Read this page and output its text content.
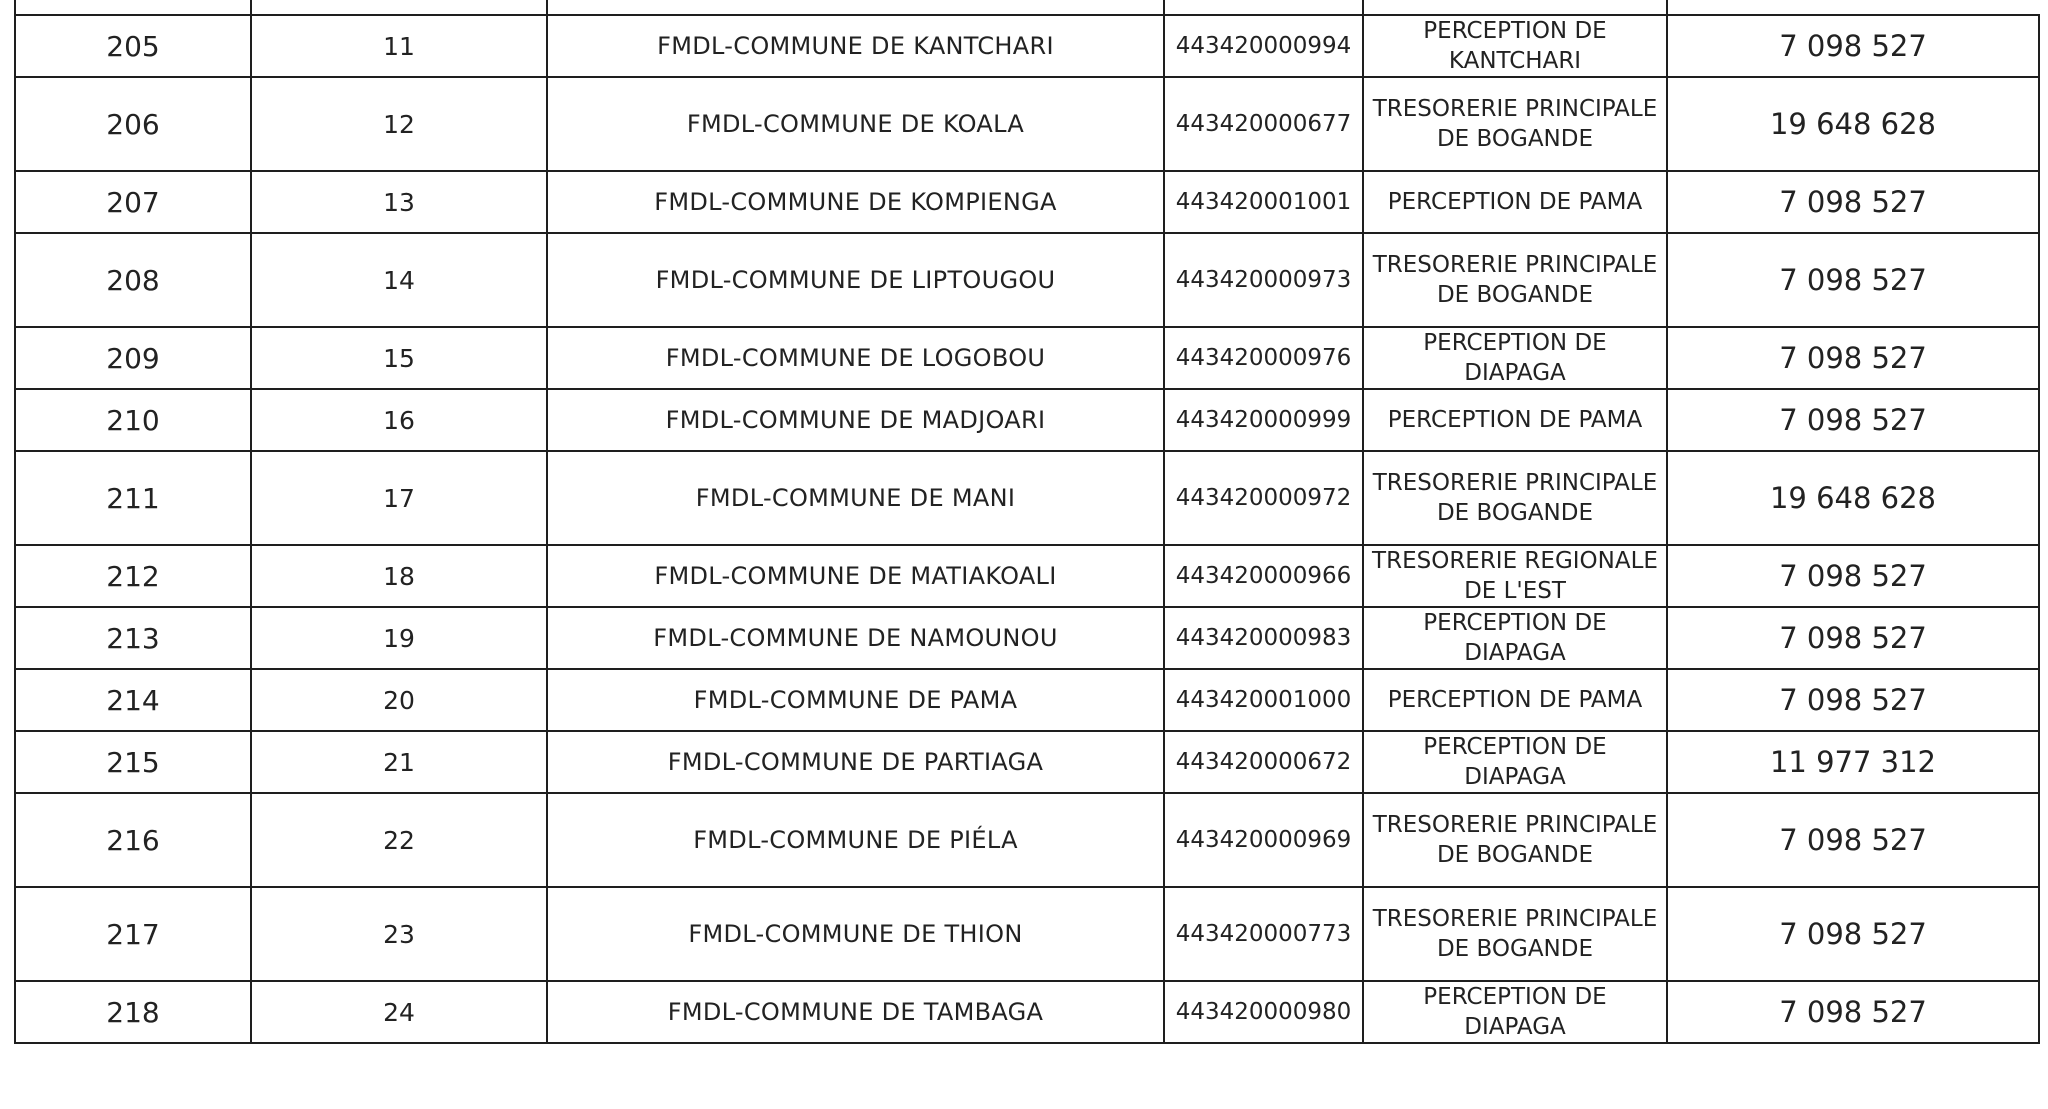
205	11	FMDL-COMMUNE DE KANTCHARI	443420000994	PERCEPTION DE KANTCHARI	7 098 527
206	12	FMDL-COMMUNE DE KOALA	443420000677	TRESORERIE PRINCIPALE DE BOGANDE	19 648 628
207	13	FMDL-COMMUNE DE KOMPIENGA	443420001001	PERCEPTION DE PAMA	7 098 527
208	14	FMDL-COMMUNE DE LIPTOUGOU	443420000973	TRESORERIE PRINCIPALE DE BOGANDE	7 098 527
209	15	FMDL-COMMUNE DE LOGOBOU	443420000976	PERCEPTION DE DIAPAGA	7 098 527
210	16	FMDL-COMMUNE DE MADJOARI	443420000999	PERCEPTION DE PAMA	7 098 527
211	17	FMDL-COMMUNE DE MANI	443420000972	TRESORERIE PRINCIPALE DE BOGANDE	19 648 628
212	18	FMDL-COMMUNE DE MATIAKOALI	443420000966	TRESORERIE REGIONALE DE L'EST	7 098 527
213	19	FMDL-COMMUNE DE NAMOUNOU	443420000983	PERCEPTION DE DIAPAGA	7 098 527
214	20	FMDL-COMMUNE DE PAMA	443420001000	PERCEPTION DE PAMA	7 098 527
215	21	FMDL-COMMUNE DE PARTIAGA	443420000672	PERCEPTION DE DIAPAGA	11 977 312
216	22	FMDL-COMMUNE DE PIÉLA	443420000969	TRESORERIE PRINCIPALE DE BOGANDE	7 098 527
217	23	FMDL-COMMUNE DE THION	443420000773	TRESORERIE PRINCIPALE DE BOGANDE	7 098 527
218	24	FMDL-COMMUNE DE TAMBAGA	443420000980	PERCEPTION DE DIAPAGA	7 098 527
